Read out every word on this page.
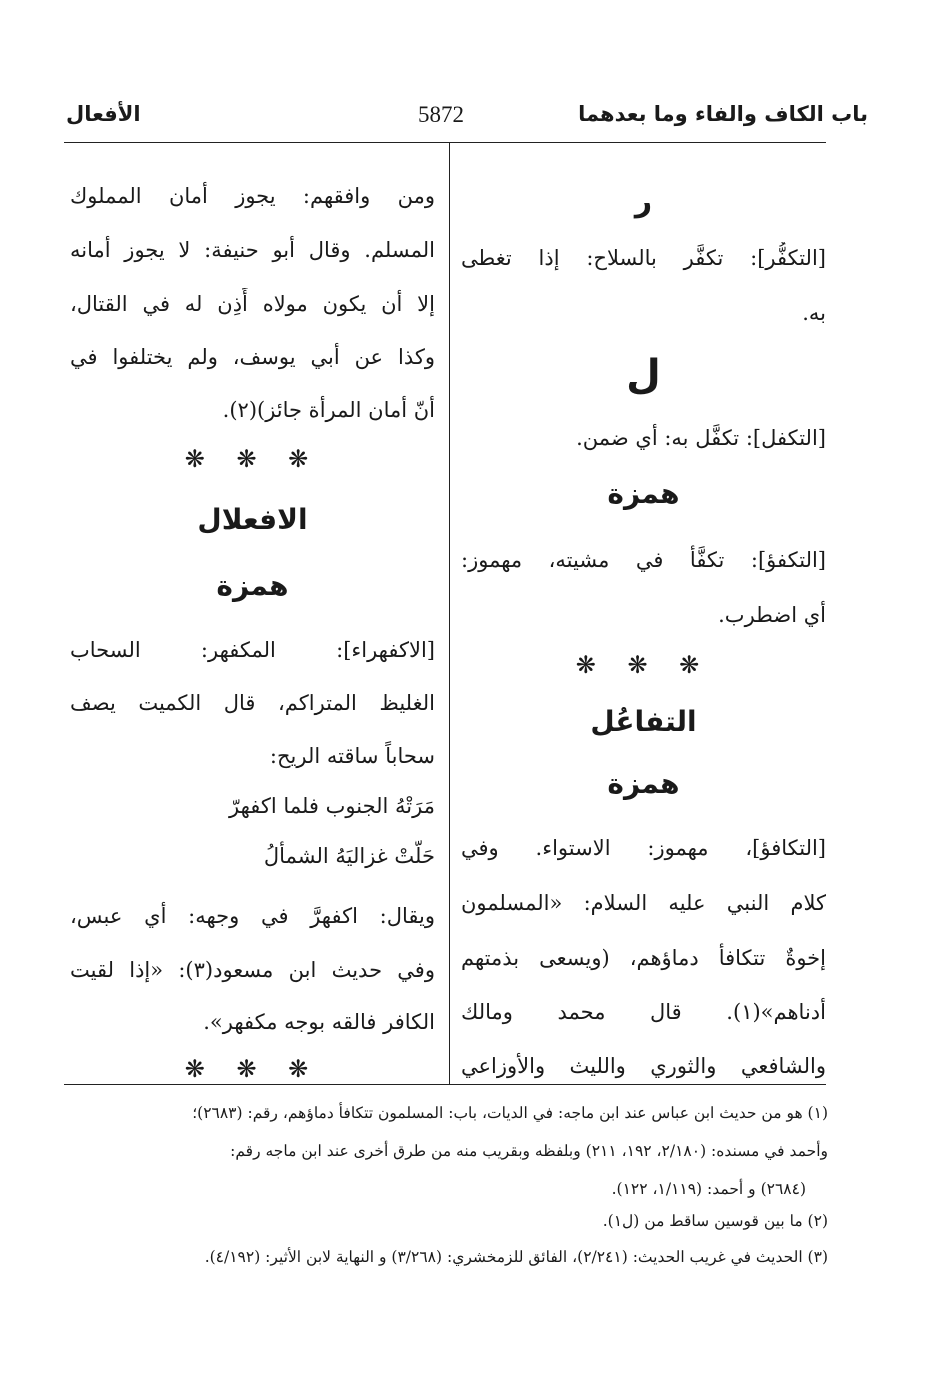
باب الكاف والفاء وما بعدهما
5872
الأفعال
ر
[التكفُّر]: تكفَّر بالسلاح: إذا تغطى
به.
ل
[التكفل]: تكفَّل به: أي ضمن.
همزة
[التكفؤ]: تكفَّأ في مشيته، مهموز:
أي اضطرب.
❋ ❋ ❋
التفاعُل
همزة
[التكافؤ]، مهموز: الاستواء. وفي
كلام النبي عليه السلام: «المسلمون
إخوةٌ تتكافأ دماؤهم، (ويسعى بذمتهم
أدناهم»(١). قال محمد ومالك
والشافعي والثوري والليث والأوزاعي
ومن وافقهم: يجوز أمان المملوك
المسلم. وقال أبو حنيفة: لا يجوز أمانه
إلا أن يكون مولاه أَذِن له في القتال،
وكذا عن أبي يوسف، ولم يختلفوا في
أنّ أمان المرأة جائز)(٢).
❋ ❋ ❋
الافعلال
همزة
[الاكفهراء]: المكفهر: السحاب
الغليظ المتراكم، قال الكميت يصف
سحاباً ساقته الريح:
مَرَتْهُ الجنوب فلما اكفهرّ
حَلَّتْ غزاليَهُ الشمألُ
ويقال: اكفهرَّ في وجهه: أي عبس،
وفي حديث ابن مسعود(٣): «إذا لقيت
الكافر فالقه بوجه مكفهر».
❋ ❋ ❋
(١) هو من حديث ابن عباس عند ابن ماجه: في الديات، باب: المسلمون تتكافأ دماؤهم، رقم: (٢٦٨٣)؛
وأحمد في مسنده: (٢/١٨٠، ١٩٢، ٢١١) وبلفظه وبقريب منه من طرق أخرى عند ابن ماجه رقم:
(٢٦٨٤) و أحمد: (١/١١٩، ١٢٢).
(٢) ما بين قوسين ساقط من (ل١).
(٣) الحديث في غريب الحديث: (٢/٢٤١)، الفائق للزمخشري: (٣/٢٦٨) و النهاية لابن الأثير: (٤/١٩٢).
